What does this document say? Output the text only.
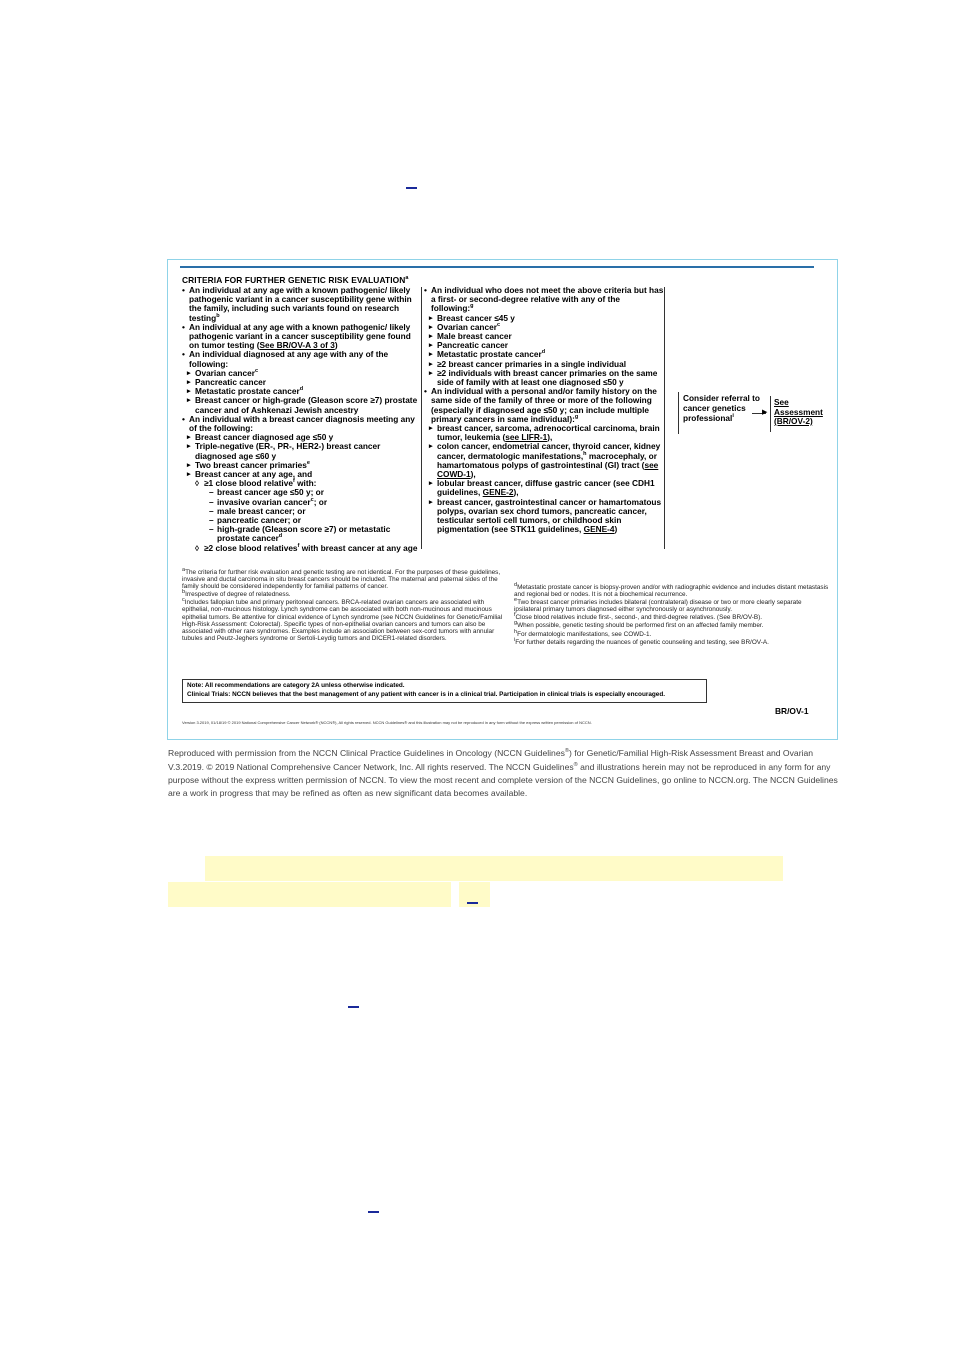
CRITERIA FOR FURTHER GENETIC RISK EVALUATION$^a$
• An individual at any age with a known pathogenic/ likely pathogenic variant in a cancer susceptibility gene within the family, including such variants found on research testing$^b$
• An individual at any age with a known pathogenic/ likely pathogenic variant in a cancer susceptibility gene found on tumor testing (See BR/OV-A 3 of 3)
• An individual diagnosed at any age with any of the following:
▸ Ovarian cancer$^c$
▸ Pancreatic cancer
▸ Metastatic prostate cancer$^d$
▸ Breast cancer or high-grade (Gleason score ≥7) prostate cancer and of Ashkenazi Jewish ancestry
• An individual with a breast cancer diagnosis meeting any of the following:
▸ Breast cancer diagnosed age ≤50 y
▸ Triple-negative (ER-, PR-, HER2-) breast cancer diagnosed age ≤60 y
▸ Two breast cancer primaries$^e$
▸ Breast cancer at any age, and
◊ ≥1 close blood relative$^f$ with:
– breast cancer age ≤50 y; or
– invasive ovarian cancer$^c$; or
– male breast cancer; or
– pancreatic cancer; or
– high-grade (Gleason score ≥7) or metastatic prostate cancer$^d$
◊ ≥2 close blood relatives$^f$ with breast cancer at any age
• An individual who does not meet the above criteria but has a first- or second-degree relative with any of the following:$^g$
▸ Breast cancer ≤45 y
▸ Ovarian cancer$^c$
▸ Male breast cancer
▸ Pancreatic cancer
▸ Metastatic prostate cancer$^d$
▸ ≥2 breast cancer primaries in a single individual
▸ ≥2 individuals with breast cancer primaries on the same side of family with at least one diagnosed ≤50 y
• An individual with a personal and/or family history on the same side of the family of three or more of the following (especially if diagnosed age ≤50 y; can include multiple primary cancers in same individual):$^g$
▸ breast cancer, sarcoma, adrenocortical carcinoma, brain tumor, leukemia (see LIFR-1),
▸ colon cancer, endometrial cancer, thyroid cancer, kidney cancer, dermatologic manifestations,$^h$ macrocephaly, or hamartomatous polyps of gastrointestinal (GI) tract (see COWD-1),
▸ lobular breast cancer, diffuse gastric cancer (see CDH1 guidelines, GENE-2),
▸ breast cancer, gastrointestinal cancer or hamartomatous polyps, ovarian sex chord tumors, pancreatic cancer, testicular sertoli cell tumors, or childhood skin pigmentation (see STK11 guidelines, GENE-4)
Consider referral to cancer genetics professional$^i$
▶
See Assessment (BR/OV-2)

$^a$The criteria for further risk evaluation and genetic testing are not identical. For the purposes of these guidelines, invasive and ductal carcinoma in situ breast cancers should be included. The maternal and paternal sides of the family should be considered independently for familial patterns of cancer.

$^b$Irrespective of degree of relatedness.

$^c$Includes fallopian tube and primary peritoneal cancers. BRCA-related ovarian cancers are associated with epithelial, non-mucinous histology. Lynch syndrome can be associated with both non-mucinous and mucinous epithelial tumors. Be attentive for clinical evidence of Lynch syndrome (see NCCN Guidelines for Genetic/Familial High-Risk Assessment: Colorectal). Specific types of non-epithelial ovarian cancers and tumors can also be associated with other rare syndromes. Examples include an association between sex-cord tumors with annular tubules and Peutz-Jeghers syndrome or Sertoli-Leydig tumors and DICER1-related disorders.

$^d$Metastatic prostate cancer is biopsy-proven and/or with radiographic evidence and includes distant metastasis and regional bed or nodes. It is not a biochemical recurrence.

$^e$Two breast cancer primaries includes bilateral (contralateral) disease or two or more clearly separate ipsilateral primary tumors diagnosed either synchronously or asynchronously.

$^f$Close blood relatives include first-, second-, and third-degree relatives. (See BR/OV-B).

$^g$When possible, genetic testing should be performed first on an affected family member.

$^h$For dermatologic manifestations, see COWD-1.

$^i$For further details regarding the nuances of genetic counseling and testing, see BR/OV-A.

Note: All recommendations are category 2A unless otherwise indicated.
Clinical Trials: NCCN believes that the best management of any patient with cancer is in a clinical trial. Participation in clinical trials is especially encouraged.
BR/OV-1
Version 3.2019, 01/18/19 © 2019 National Comprehensive Cancer Network® (NCCN®), All rights reserved. NCCN Guidelines® and this illustration may not be reproduced in any form without the express written permission of NCCN.
Reproduced with permission from the NCCN Clinical Practice Guidelines in Oncology (NCCN Guidelines®) for Genetic/Familial High-Risk Assessment Breast and Ovarian V.3.2019. © 2019 National Comprehensive Cancer Network, Inc. All rights reserved. The NCCN Guidelines® and illustrations herein may not be reproduced in any form for any purpose without the express written permission of NCCN. To view the most recent and complete version of the NCCN Guidelines, go online to NCCN.org. The NCCN Guidelines are a work in progress that may be refined as often as new significant data becomes available.
